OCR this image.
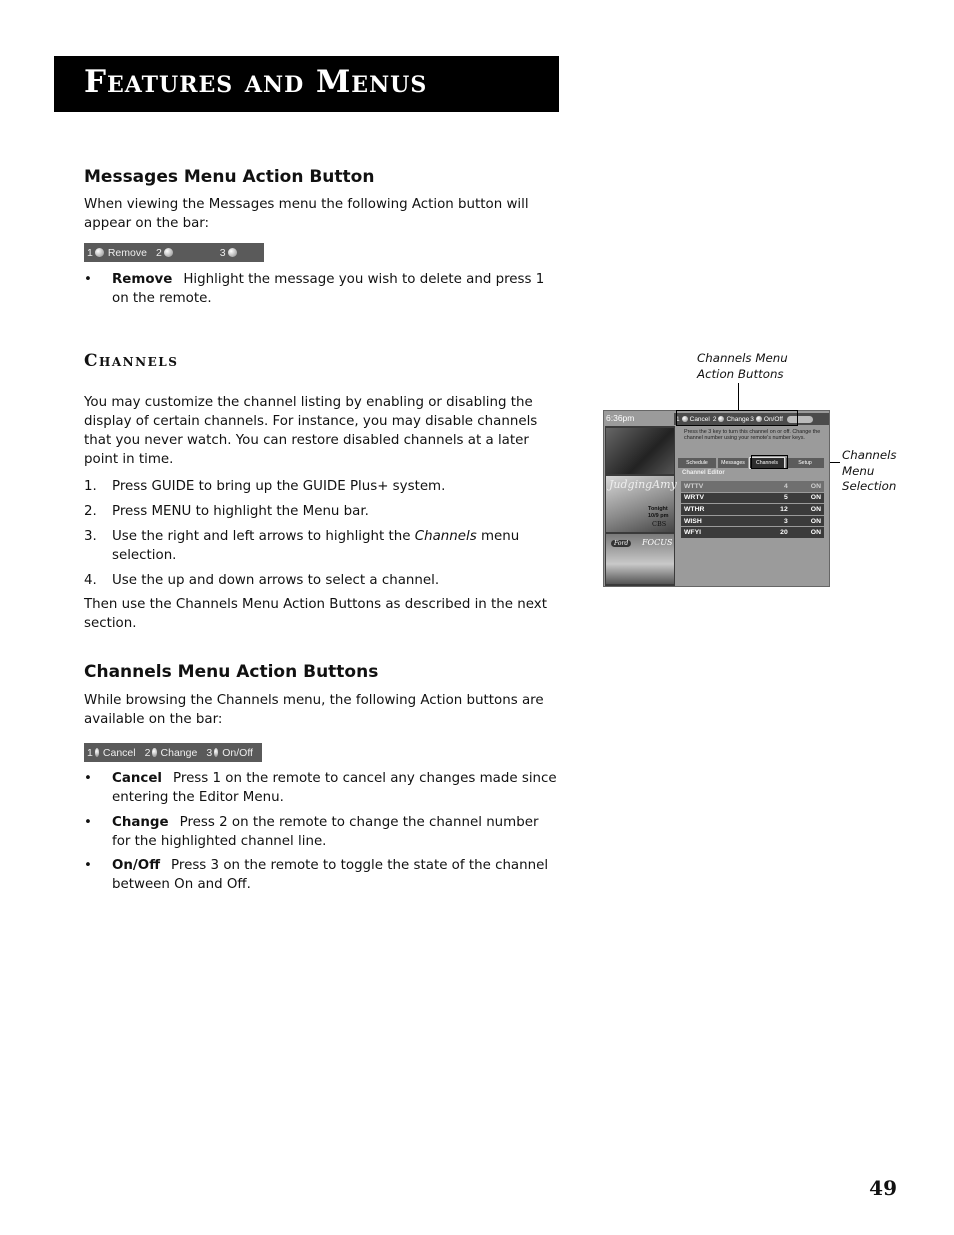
Features and Menus
Messages Menu Action Button

When viewing the Messages menu the following Action button will appear on the bar:

1 Remove 2	3
•	Remove Highlight the message you wish to delete and press 1 on the remote.
Channels

You may customize the channel listing by enabling or disabling the display of certain channels. For instance, you may disable channels that you never watch. You can restore disabled channels at a later point in time.

1.	Press GUIDE to bring up the GUIDE Plus+ system.
2.	Press MENU to highlight the Menu bar.
3.	Use the right and left arrows to highlight the Channels menu selection.
4.	Use the up and down arrows to select a channel.

Then use the Channels Menu Action Buttons as described in the next section.

Channels Menu Action Buttons

While browsing the Channels menu, the following Action buttons are available on the bar:

1 Cancel 2 Change 3 On/Off
•	Cancel Press 1 on the remote to cancel any changes made since entering the Editor Menu.
•	Change Press 2 on the remote to change the channel number for the highlighted channel line.
•	On/Off Press 3 on the remote to toggle the state of the channel between On and Off.
Channels Menu
Action Buttons
Channels
Menu
Selection
6:36pm
JudgingAmy
Tonight
10/9 pm
CBS
Ford	FOCUS
1 Cancel 2 Change 3 On/Off
Press the 3 key to turn this channel on or off. Change the channel number using your remote's number keys.
Schedule	Messages	Channels	Setup
Channel Editor
WTTV	4	ON
WRTV	5	ON
WTHR	12	ON
WISH	3	ON
WFYI	20	ON
49
